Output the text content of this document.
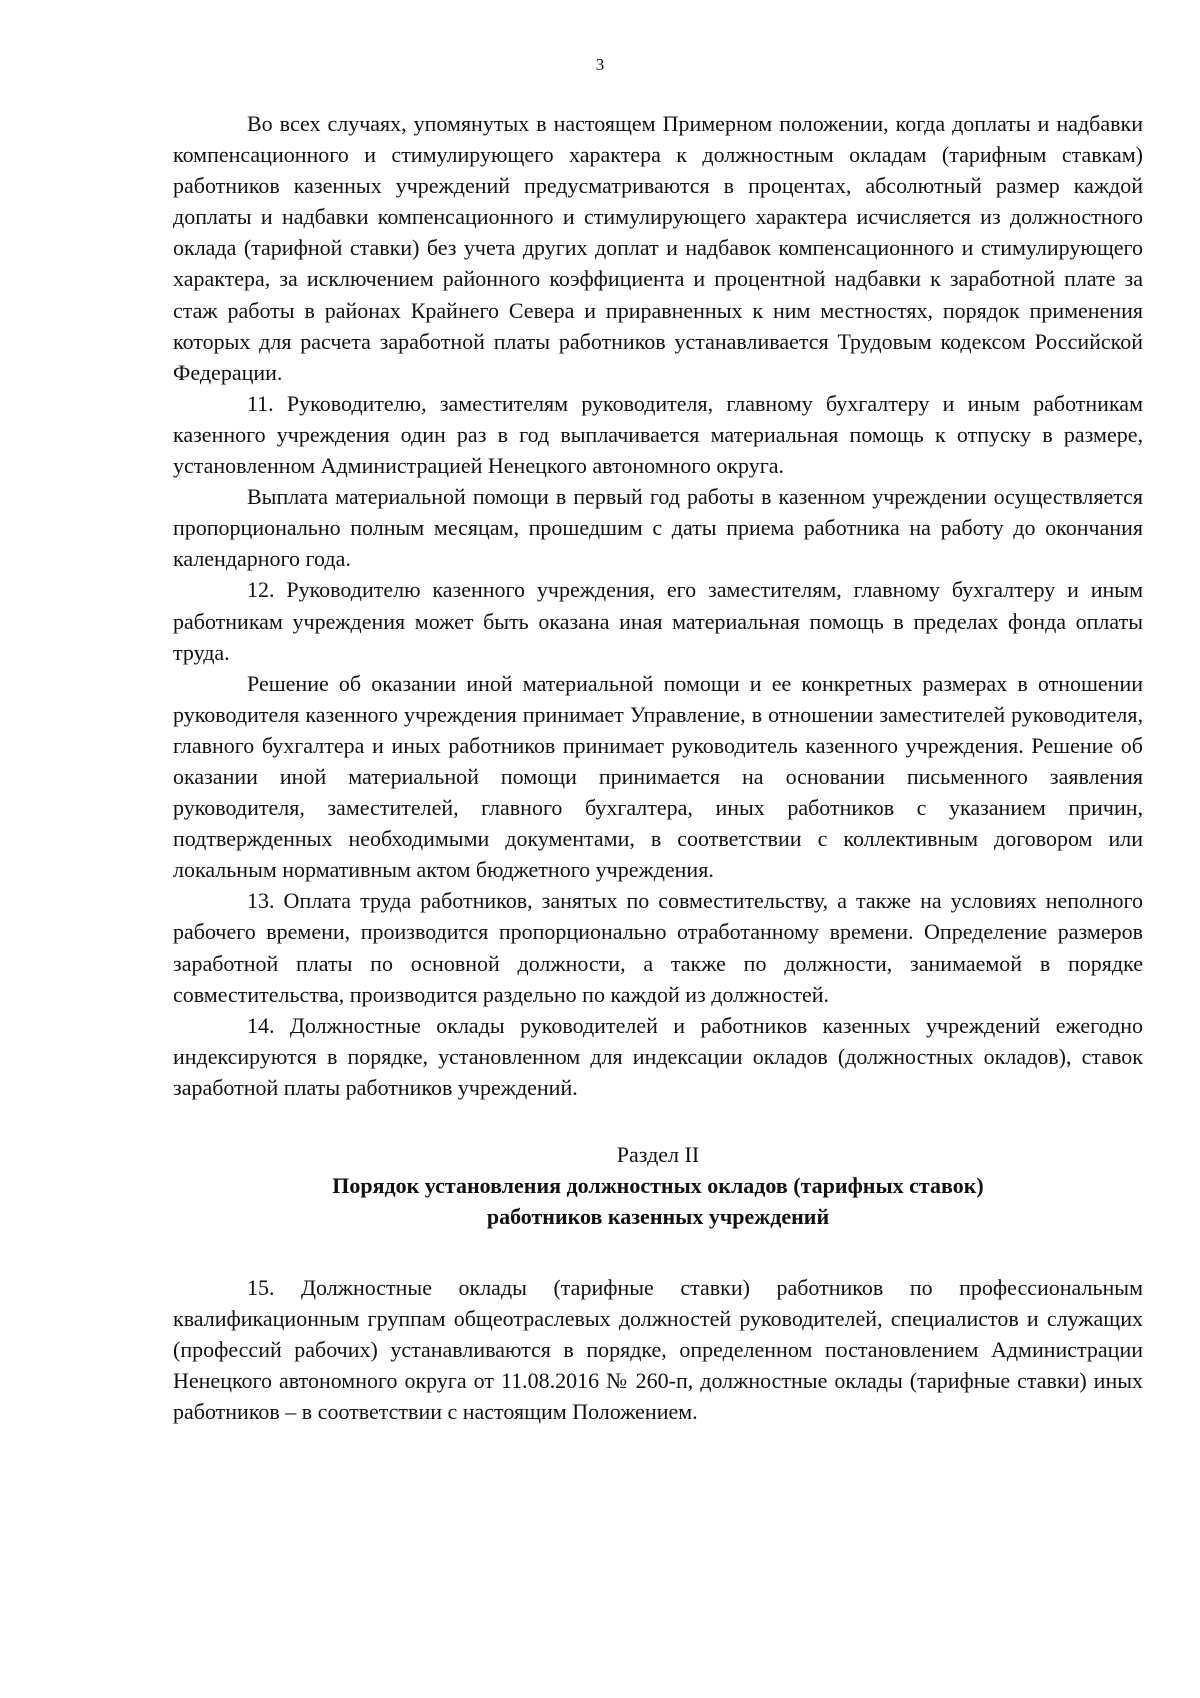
3

Во всех случаях, упомянутых в настоящем Примерном положении, когда доплаты и надбавки компенсационного и стимулирующего характера к должностным окладам (тарифным ставкам) работников казенных учреждений предусматриваются в процентах, абсолютный размер каждой доплаты и надбавки компенсационного и стимулирующего характера исчисляется из должностного оклада (тарифной ставки) без учета других доплат и надбавок компенсационного и стимулирующего характера, за исключением районного коэффициента и процентной надбавки к заработной плате за стаж работы в районах Крайнего Севера и приравненных к ним местностях, порядок применения которых для расчета заработной платы работников устанавливается Трудовым кодексом Российской Федерации.

11. Руководителю, заместителям руководителя, главному бухгалтеру и иным работникам казенного учреждения один раз в год выплачивается материальная помощь к отпуску в размере, установленном Администрацией Ненецкого автономного округа.

Выплата материальной помощи в первый год работы в казенном учреждении осуществляется пропорционально полным месяцам, прошедшим с даты приема работника на работу до окончания календарного года.

12. Руководителю казенного учреждения, его заместителям, главному бухгалтеру и иным работникам учреждения может быть оказана иная материальная помощь в пределах фонда оплаты труда.

Решение об оказании иной материальной помощи и ее конкретных размерах в отношении руководителя казенного учреждения принимает Управление, в отношении заместителей руководителя, главного бухгалтера и иных работников принимает руководитель казенного учреждения. Решение об оказании иной материальной помощи принимается на основании письменного заявления руководителя, заместителей, главного бухгалтера, иных работников с указанием причин, подтвержденных необходимыми документами, в соответствии с коллективным договором или локальным нормативным актом бюджетного учреждения.

13. Оплата труда работников, занятых по совместительству, а также на условиях неполного рабочего времени, производится пропорционально отработанному времени. Определение размеров заработной платы по основной должности, а также по должности, занимаемой в порядке совместительства, производится раздельно по каждой из должностей.

14. Должностные оклады руководителей и работников казенных учреждений ежегодно индексируются в порядке, установленном для индексации окладов (должностных окладов), ставок заработной платы работников учреждений.

Раздел II
Порядок установления должностных окладов (тарифных ставок)
работников казенных учреждений

15. Должностные оклады (тарифные ставки) работников по профессиональным квалификационным группам общеотраслевых должностей руководителей, специалистов и служащих (профессий рабочих) устанавливаются в порядке, определенном постановлением Администрации Ненецкого автономного округа от 11.08.2016 № 260-п, должностные оклады (тарифные ставки) иных работников – в соответствии с настоящим Положением.
